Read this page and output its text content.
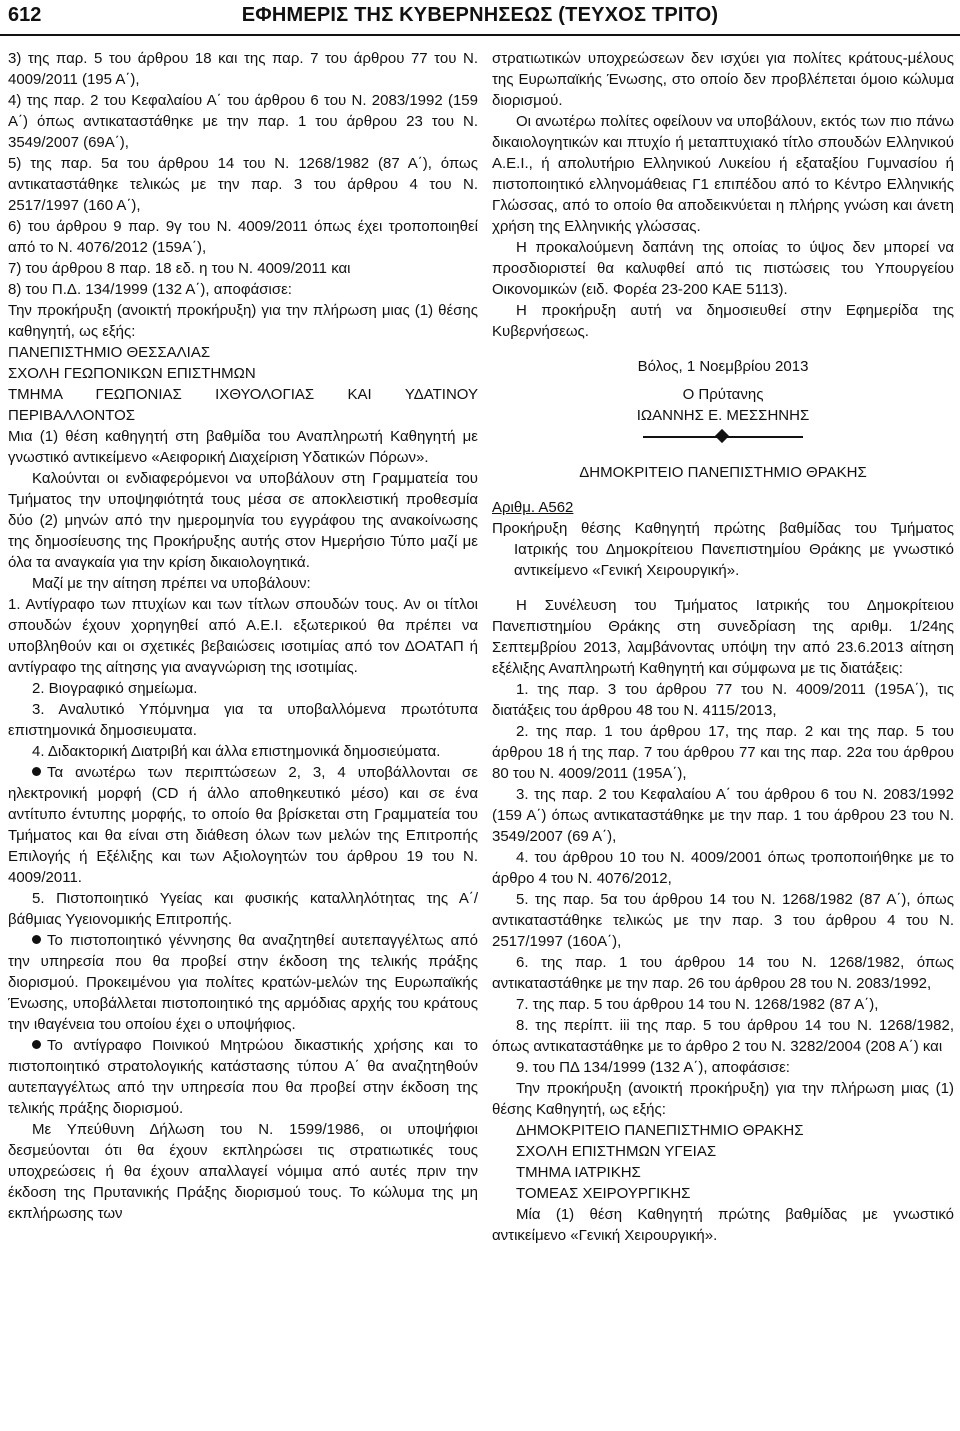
612	ΕΦΗΜΕΡΙΣ ΤΗΣ ΚΥΒΕΡΝΗΣΕΩΣ (ΤΕΥΧΟΣ ΤΡΙΤΟ)

3) της παρ. 5 του άρθρου 18 και της παρ. 7 του άρθρου 77 του Ν. 4009/2011 (195 Α΄),

4) της παρ. 2 του Κεφαλαίου Α΄ του άρθρου 6 του Ν. 2083/1992 (159 Α΄) όπως αντικαταστάθηκε με την παρ. 1 του άρθρου 23 του Ν. 3549/2007 (69Α΄),

5) της παρ. 5α του άρθρου 14 του Ν. 1268/1982 (87 Α΄), όπως αντικαταστάθηκε τελικώς με την παρ. 3 του άρθρου 4 του Ν. 2517/1997 (160 Α΄),

6) του άρθρου 9 παρ. 9γ του Ν. 4009/2011 όπως έχει τροποποιηθεί από το Ν. 4076/2012 (159Α΄),

7) του άρθρου 8 παρ. 18 εδ. η του Ν. 4009/2011 και

8) του Π.Δ. 134/1999 (132 Α΄), αποφάσισε:

Την προκήρυξη (ανοικτή προκήρυξη) για την πλήρωση μιας (1) θέσης καθηγητή, ως εξής:

ΠΑΝΕΠΙΣΤΗΜΙΟ ΘΕΣΣΑΛΙΑΣ

ΣΧΟΛΗ ΓΕΩΠΟΝΙΚΩΝ ΕΠΙΣΤΗΜΩΝ

ΤΜΗΜΑ ΓΕΩΠΟΝΙΑΣ ΙΧΘΥΟΛΟΓΙΑΣ ΚΑΙ ΥΔΑΤΙΝΟΥ ΠΕΡΙΒΑΛΛΟΝΤΟΣ

Μια (1) θέση καθηγητή στη βαθμίδα του Αναπληρωτή Καθηγητή με γνωστικό αντικείμενο «Αειφορική Διαχείριση Υδατικών Πόρων».

Καλούνται οι ενδιαφερόμενοι να υποβάλουν στη Γραμματεία του Τμήματος την υποψηφιότητά τους μέσα σε αποκλειστική προθεσμία δύο (2) μηνών από την ημερομηνία του εγγράφου της ανακοίνωσης της δημοσίευσης της Προκήρυξης αυτής στον Ημερήσιο Τύπο μαζί με όλα τα αναγκαία για την κρίση δικαιολογητικά.

Μαζί με την αίτηση πρέπει να υποβάλουν:

1. Αντίγραφο των πτυχίων και των τίτλων σπουδών τους. Αν οι τίτλοι σπουδών έχουν χορηγηθεί από Α.Ε.Ι. εξωτερικού θα πρέπει να υποβληθούν και οι σχετικές βεβαιώσεις ισοτιμίας από τον ΔΟΑΤΑΠ ή αντίγραφο της αίτησης για αναγνώριση της ισοτιμίας.

2. Βιογραφικό σημείωμα.

3. Αναλυτικό Υπόμνημα για τα υποβαλλόμενα πρωτότυπα επιστημονικά δημοσιευματα.

4. Διδακτορική Διατριβή και άλλα επιστημονικά δημοσιεύματα.

Τα ανωτέρω των περιπτώσεων 2, 3, 4 υποβάλλονται σε ηλεκτρονική μορφή (CD ή άλλο αποθηκευτικό μέσο) και σε ένα αντίτυπο έντυπης μορφής, το οποίο θα βρίσκεται στη Γραμματεία του Τμήματος και θα είναι στη διάθεση όλων των μελών της Επιτροπής Επιλογής ή Εξέλιξης και των Αξιολογητών του άρθρου 19 του Ν. 4009/2011.

5. Πιστοποιητικό Υγείας και φυσικής καταλληλότητας της Α΄/βάθμιας Υγειονομικής Επιτροπής.

Το πιστοποιητικό γέννησης θα αναζητηθεί αυτεπαγγέλτως από την υπηρεσία που θα προβεί στην έκδοση της τελικής πράξης διορισμού. Προκειμένου για πολίτες κρατών-μελών της Ευρωπαϊκής Ένωσης, υποβάλλεται πιστοποιητικό της αρμόδιας αρχής του κράτους την ιθαγένεια του οποίου έχει ο υποψήφιος.

Το αντίγραφο Ποινικού Μητρώου δικαστικής χρήσης και το πιστοποιητικό στρατολογικής κατάστασης τύπου Α΄ θα αναζητηθούν αυτεπαγγέλτως από την υπηρεσία που θα προβεί στην έκδοση της τελικής πράξης διορισμού.

Με Υπεύθυνη Δήλωση του Ν. 1599/1986, οι υποψήφιοι δεσμεύονται ότι θα έχουν εκπληρώσει τις στρατιωτικές τους υποχρεώσεις ή θα έχουν απαλλαγεί νόμιμα από αυτές πριν την έκδοση της Πρυτανικής Πράξης διορισμού τους. Το κώλυμα της μη εκπλήρωσης των

στρατιωτικών υποχρεώσεων δεν ισχύει για πολίτες κράτους-μέλους της Ευρωπαϊκής Ένωσης, στο οποίο δεν προβλέπεται όμοιο κώλυμα διορισμού.

Οι ανωτέρω πολίτες οφείλουν να υποβάλουν, εκτός των πιο πάνω δικαιολογητικών και πτυχίο ή μεταπτυχιακό τίτλο σπουδών Ελληνικού Α.Ε.Ι., ή απολυτήριο Ελληνικού Λυκείου ή εξαταξίου Γυμνασίου ή πιστοποιητικό ελληνομάθειας Γ1 επιπέδου από το Κέντρο Ελληνικής Γλώσσας, από το οποίο θα αποδεικνύεται η πλήρης γνώση και άνετη χρήση της Ελληνικής γλώσσας.

Η προκαλούμενη δαπάνη της οποίας το ύψος δεν μπορεί να προσδιοριστεί θα καλυφθεί από τις πιστώσεις του Υπουργείου Οικονομικών (ειδ. Φορέα 23-200 ΚΑΕ 5113).

Η προκήρυξη αυτή να δημοσιευθεί στην Εφημερίδα της Κυβερνήσεως.

Βόλος, 1 Νοεμβρίου 2013

Ο Πρύτανης

ΙΩΑΝΝΗΣ Ε. ΜΕΣΣΗΝΗΣ

ΔΗΜΟΚΡΙΤΕΙΟ ΠΑΝΕΠΙΣΤΗΜΙΟ ΘΡΑΚΗΣ

Αριθμ. Α562

Προκήρυξη θέσης Καθηγητή πρώτης βαθμίδας του Τμήματος Ιατρικής του Δημοκρίτειου Πανεπιστημίου Θράκης με γνωστικό αντικείμενο «Γενική Χειρουργική».

Η Συνέλευση του Τμήματος Ιατρικής του Δημοκρίτειου Πανεπιστημίου Θράκης στη συνεδρίαση της αριθμ. 1/24ης Σεπτεμβρίου 2013, λαμβάνοντας υπόψη την από 23.6.2013 αίτηση εξέλιξης Αναπληρωτή Καθηγητή και σύμφωνα με τις διατάξεις:

1. της παρ. 3 του άρθρου 77 του Ν. 4009/2011 (195Α΄), τις διατάξεις του άρθρου 48 του Ν. 4115/2013,

2. της παρ. 1 του άρθρου 17, της παρ. 2 και της παρ. 5 του άρθρου 18 ή της παρ. 7 του άρθρου 77 και της παρ. 22α του άρθρου 80 του Ν. 4009/2011 (195Α΄),

3. της παρ. 2 του Κεφαλαίου Α΄ του άρθρου 6 του Ν. 2083/1992 (159 Α΄) όπως αντικαταστάθηκε με την παρ. 1 του άρθρου 23 του Ν. 3549/2007 (69 Α΄),

4. του άρθρου 10 του Ν. 4009/2001 όπως τροποποιήθηκε με το άρθρο 4 του Ν. 4076/2012,

5. της παρ. 5α του άρθρου 14 του Ν. 1268/1982 (87 Α΄), όπως αντικαταστάθηκε τελικώς με την παρ. 3 του άρθρου 4 του Ν. 2517/1997 (160Α΄),

6. της παρ. 1 του άρθρου 14 του Ν. 1268/1982, όπως αντικαταστάθηκε με την παρ. 26 του άρθρου 28 του Ν. 2083/1992,

7. της παρ. 5 του άρθρου 14 του Ν. 1268/1982 (87 Α΄),

8. της περίπτ. iii της παρ. 5 του άρθρου 14 του Ν. 1268/1982, όπως αντικαταστάθηκε με το άρθρο 2 του Ν. 3282/2004 (208 Α΄) και

9. του ΠΔ 134/1999 (132 Α΄), αποφάσισε:

Την προκήρυξη (ανοικτή προκήρυξη) για την πλήρωση μιας (1) θέσης Καθηγητή, ως εξής:

ΔΗΜΟΚΡΙΤΕΙΟ ΠΑΝΕΠΙΣΤΗΜΙΟ ΘΡΑΚΗΣ

ΣΧΟΛΗ ΕΠΙΣΤΗΜΩΝ ΥΓΕΙΑΣ

ΤΜΗΜΑ ΙΑΤΡΙΚΗΣ

ΤΟΜΕΑΣ ΧΕΙΡΟΥΡΓΙΚΗΣ

Μία (1) θέση Καθηγητή πρώτης βαθμίδας με γνωστικό αντικείμενο «Γενική Χειρουργική».
